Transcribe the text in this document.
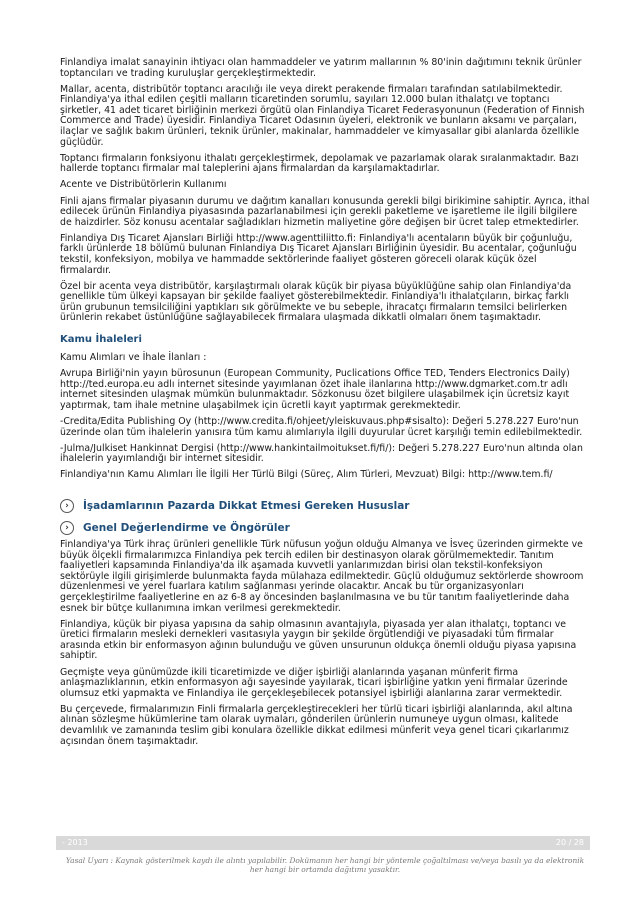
Finlandiya imalat sanayinin ihtiyacı olan hammaddeler ve yatırım mallarının % 80'inin dağıtımını teknik ürünler toptancıları ve trading kuruluşlar gerçekleştirmektedir.

Mallar, acenta, distribütör toptancı aracılığı ile veya direkt perakende firmaları tarafından satılabilmektedir. Finlandiya'ya ithal edilen çeşitli malların ticaretinden sorumlu, sayıları 12.000 bulan ithalatçı ve toptancı şirketler, 41 adet ticaret birliğinin merkezi örgütü olan Finlandiya Ticaret Federasyonunun (Federation of Finnish Commerce and Trade) üyesidir. Finlandiya Ticaret Odasının üyeleri, elektronik ve bunların aksamı ve parçaları, ilaçlar ve sağlık bakım ürünleri, teknik ürünler, makinalar, hammaddeler ve kimyasallar gibi alanlarda özellikle güçlüdür.

Toptancı firmaların fonksiyonu ithalatı gerçekleştirmek, depolamak ve pazarlamak olarak sıralanmaktadır. Bazı hallerde toptancı firmalar mal taleplerini ajans firmalardan da karşılamaktadırlar.

Acente ve Distribütörlerin Kullanımı

Finli ajans firmalar piyasanın durumu ve dağıtım kanalları konusunda gerekli bilgi birikimine sahiptir. Ayrıca, ithal edilecek ürünün Finlandiya piyasasında pazarlanabilmesi için gerekli paketleme ve işaretleme ile ilgili bilgilere de haizdirler. Söz konusu acentalar sağladıkları hizmetin maliyetine göre değişen bir ücret talep etmektedirler.

Finlandiya Dış Ticaret Ajansları Birliği http://www.agenttiliitto.fi: Finlandiya'lı acentaların büyük bir çoğunluğu, farklı ürünlerde 18 bölümü bulunan Finlandiya Dış Ticaret Ajansları Birliğinin üyesidir. Bu acentalar, çoğunluğu tekstil, konfeksiyon, mobilya ve hammadde sektörlerinde faaliyet gösteren göreceli olarak küçük özel firmalardır.

Özel bir acenta veya distribütör, karşılaştırmalı olarak küçük bir piyasa büyüklüğüne sahip olan Finlandiya'da genellikle tüm ülkeyi kapsayan bir şekilde faaliyet gösterebilmektedir. Finlandiya'lı ithalatçıların, birkaç farklı ürün grubunun temsilciliğini yaptıkları sık görülmekte ve bu sebeple, ihracatçı firmaların temsilci belirlerken ürünlerin rekabet üstünlüğüne sağlayabilecek firmalara ulaşmada dikkatli olmaları önem taşımaktadır.

Kamu İhaleleri
Kamu Alımları ve İhale İlanları :

Avrupa Birliği'nin yayın bürosunun (European Community, Puclications Office TED, Tenders Electronics Daily) http://ted.europa.eu adlı internet sitesinde yayımlanan özet ihale ilanlarına http://www.dgmarket.com.tr adlı internet sitesinden ulaşmak mümkün bulunmaktadır. Sözkonusu özet bilgilere ulaşabilmek için ücretsiz kayıt yaptırmak, tam ihale metnine ulaşabilmek için ücretli kayıt yaptırmak gerekmektedir.

-Credita/Edita Publishing Oy (http://www.credita.fi/ohjeet/yleiskuvaus.php#sisalto): Değeri 5.278.227 Euro'nun üzerinde olan tüm ihalelerin yanısıra tüm kamu alımlarıyla ilgili duyurular ücret karşılığı temin edilebilmektedir.

-Julma/Julkiset Hankinnat Dergisi (http://www.hankintailmoitukset.fi/fi/): Değeri 5.278.227 Euro'nun altında olan ihalelerin yayımlandığı bir internet sitesidir.

Finlandiya'nın Kamu Alımları İle İlgili Her Türlü Bilgi (Süreç, Alım Türleri, Mevzuat) Bilgi: http://www.tem.fi/

›	İşadamlarının Pazarda Dikkat Etmesi Gereken Hususlar
›	Genel Değerlendirme ve Öngörüler

Finlandiya'ya Türk ihraç ürünleri genellikle Türk nüfusun yoğun olduğu Almanya ve İsveç üzerinden girmekte ve büyük ölçekli firmalarımızca Finlandiya pek tercih edilen bir destinasyon olarak görülmemektedir. Tanıtım faaliyetleri kapsamında Finlandiya'da ilk aşamada kuvvetli yanlarımızdan birisi olan tekstil-konfeksiyon sektörüyle ilgili girişimlerde bulunmakta fayda mülahaza edilmektedir. Güçlü olduğumuz sektörlerde showroom düzenlenmesi ve yerel fuarlara katılım sağlanması yerinde olacaktır. Ancak bu tür organizasyonları gerçekleştirilme faaliyetlerine en az 6-8 ay öncesinden başlanılmasına ve bu tür tanıtım faaliyetlerinde daha esnek bir bütçe kullanımına imkan verilmesi gerekmektedir.

Finlandiya, küçük bir piyasa yapısına da sahip olmasının avantajıyla, piyasada yer alan ithalatçı, toptancı ve üretici firmaların mesleki dernekleri vasıtasıyla yaygın bir şekilde örgütlendiği ve piyasadaki tüm firmalar arasında etkin bir enformasyon ağının bulunduğu ve güven unsurunun oldukça önemli olduğu piyasa yapısına sahiptir.

Geçmişte veya günümüzde ikili ticaretimizde ve diğer işbirliği alanlarında yaşanan münferit firma anlaşmazlıklarının, etkin enformasyon ağı sayesinde yayılarak, ticari işbirliğine yatkın yeni firmalar üzerinde olumsuz etki yapmakta ve Finlandiya ile gerçekleşebilecek potansiyel işbirliği alanlarına zarar vermektedir.

Bu çerçevede, firmalarımızın Finli firmalarla gerçekleştirecekleri her türlü ticari işbirliği alanlarında, akıl altına alınan sözleşme hükümlerine tam olarak uymaları, gönderilen ürünlerin numuneye uygun olması, kalitede devamlılık ve zamanında teslim gibi konulara özellikle dikkat edilmesi münferit veya genel ticari çıkarlarımız açısından önem taşımaktadır.

- 2013	20 / 28
Yasal Uyarı : Kaynak gösterilmek kaydı ile alıntı yapılabilir. Dokümanın her hangi bir yöntemle çoğaltılması ve/veya basılı ya da elektronik her hangi bir ortamda dağıtımı yasaktır.
